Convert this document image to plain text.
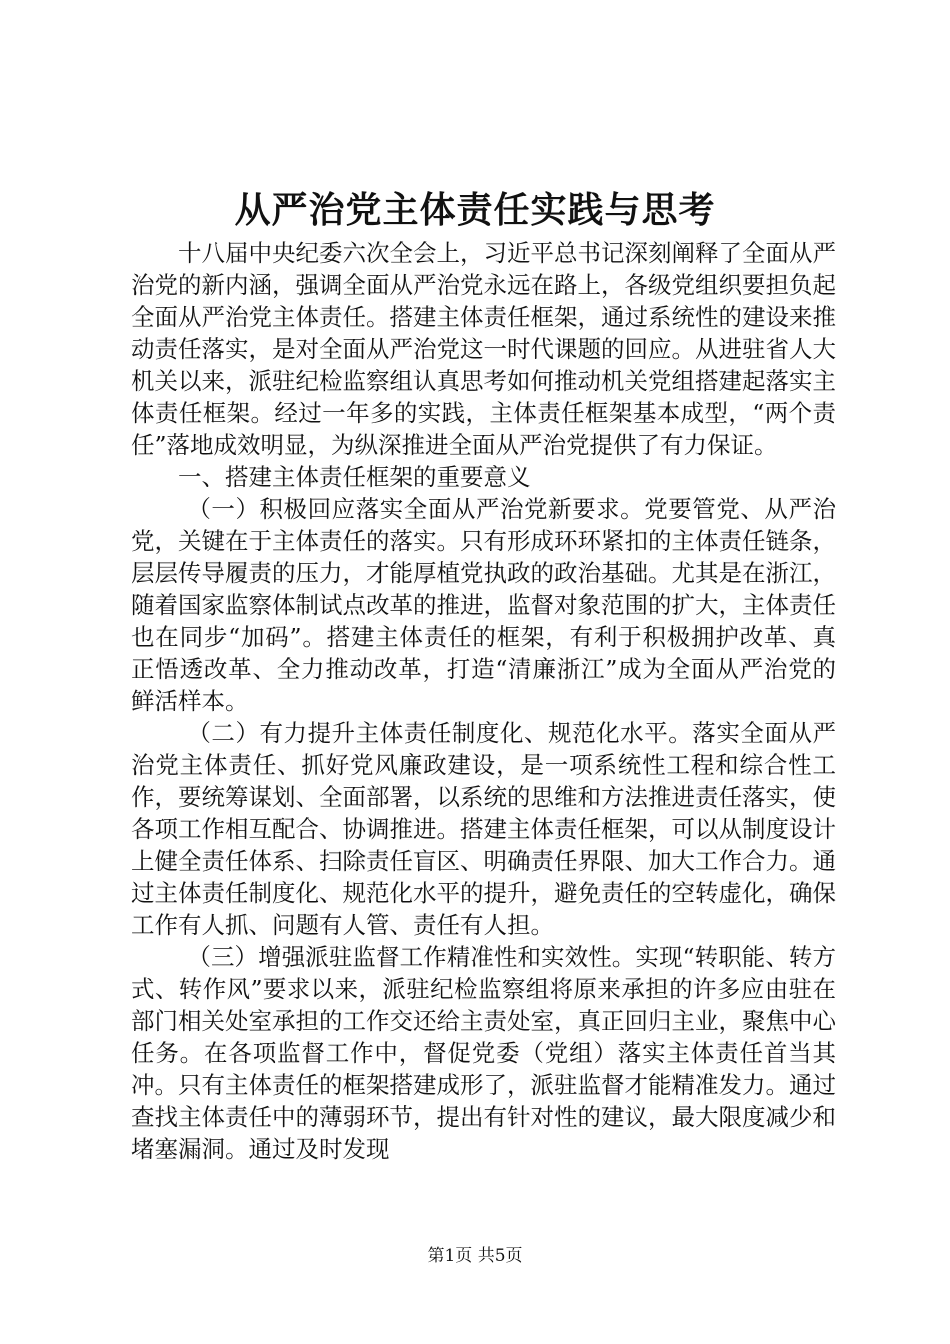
从严治党主体责任实践与思考

十八届中央纪委六次全会上，习近平总书记深刻阐释了全面从严治党的新内涵，强调全面从严治党永远在路上，各级党组织要担负起全面从严治党主体责任。搭建主体责任框架，通过系统性的建设来推动责任落实，是对全面从严治党这一时代课题的回应。从进驻省人大机关以来，派驻纪检监察组认真思考如何推动机关党组搭建起落实主体责任框架。经过一年多的实践，主体责任框架基本成型，“两个责任”落地成效明显，为纵深推进全面从严治党提供了有力保证。

一、搭建主体责任框架的重要意义

（一）积极回应落实全面从严治党新要求。党要管党、从严治党，关键在于主体责任的落实。只有形成环环紧扣的主体责任链条，层层传导履责的压力，才能厚植党执政的政治基础。尤其是在浙江，随着国家监察体制试点改革的推进，监督对象范围的扩大，主体责任也在同步“加码”。搭建主体责任的框架，有利于积极拥护改革、真正悟透改革、全力推动改革，打造“清廉浙江”成为全面从严治党的鲜活样本。

（二）有力提升主体责任制度化、规范化水平。落实全面从严治党主体责任、抓好党风廉政建设，是一项系统性工程和综合性工作，要统筹谋划、全面部署，以系统的思维和方法推进责任落实，使各项工作相互配合、协调推进。搭建主体责任框架，可以从制度设计上健全责任体系、扫除责任盲区、明确责任界限、加大工作合力。通过主体责任制度化、规范化水平的提升，避免责任的空转虚化，确保工作有人抓、问题有人管、责任有人担。

（三）增强派驻监督工作精准性和实效性。实现“转职能、转方式、转作风”要求以来，派驻纪检监察组将原来承担的许多应由驻在部门相关处室承担的工作交还给主责处室，真正回归主业，聚焦中心任务。在各项监督工作中，督促党委（党组）落实主体责任首当其冲。只有主体责任的框架搭建成形了，派驻监督才能精准发力。通过查找主体责任中的薄弱环节，提出有针对性的建议，最大限度减少和堵塞漏洞。通过及时发现

第1页 共5页
